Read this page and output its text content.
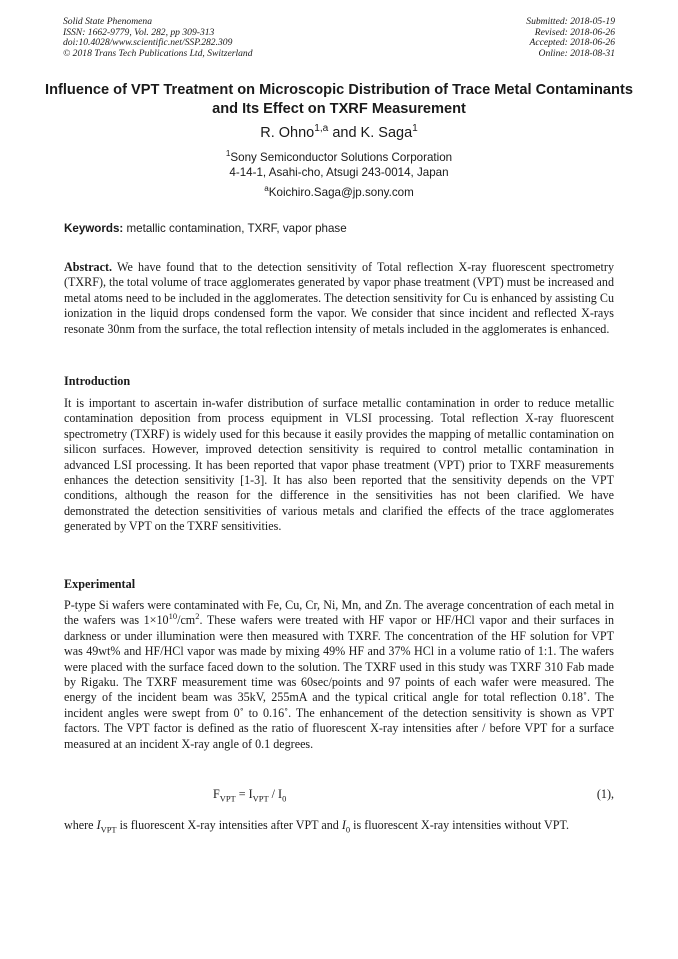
Solid State Phenomena
ISSN: 1662-9779, Vol. 282, pp 309-313
doi:10.4028/www.scientific.net/SSP.282.309
© 2018 Trans Tech Publications Ltd, Switzerland
Submitted: 2018-05-19
Revised: 2018-06-26
Accepted: 2018-06-26
Online: 2018-08-31
Influence of VPT Treatment on Microscopic Distribution of Trace Metal Contaminants and Its Effect on TXRF Measurement
R. Ohno$^{1,a}$ and K. Saga$^1$
$^1$Sony Semiconductor Solutions Corporation
4-14-1, Asahi-cho, Atsugi 243-0014, Japan
$^a$Koichiro.Saga@jp.sony.com
Keywords: metallic contamination, TXRF, vapor phase
Abstract. We have found that to the detection sensitivity of Total reflection X-ray fluorescent spectrometry (TXRF), the total volume of trace agglomerates generated by vapor phase treatment (VPT) must be increased and metal atoms need to be included in the agglomerates. The detection sensitivity for Cu is enhanced by assisting Cu ionization in the liquid drops condensed form the vapor. We consider that since incident and reflected X-rays resonate 30nm from the surface, the total reflection intensity of metals included in the agglomerates is enhanced.
Introduction
It is important to ascertain in-wafer distribution of surface metallic contamination in order to reduce metallic contamination deposition from process equipment in VLSI processing. Total reflection X-ray fluorescent spectrometry (TXRF) is widely used for this because it easily provides the mapping of metallic contamination on silicon surfaces. However, improved detection sensitivity is required to control metallic contamination in advanced LSI processing. It has been reported that vapor phase treatment (VPT) prior to TXRF measurements enhances the detection sensitivity [1-3]. It has also been reported that the sensitivity depends on the VPT conditions, although the reason for the difference in the sensitivities has not been clarified. We have demonstrated the detection sensitivities of various metals and clarified the effects of the trace agglomerates generated by VPT on the TXRF sensitivities.
Experimental
P-type Si wafers were contaminated with Fe, Cu, Cr, Ni, Mn, and Zn. The average concentration of each metal in the wafers was $1\times 10^{10}/cm^2$. These wafers were treated with HF vapor or HF/HCl vapor and their surfaces in darkness or under illumination were then measured with TXRF. The concentration of the HF solution for VPT was 49wt% and HF/HCl vapor was made by mixing 49% HF and 37% HCl in a volume ratio of 1:1. The wafers were placed with the surface faced down to the solution. The TXRF used in this study was TXRF 310 Fab made by Rigaku. The TXRF measurement time was 60sec/points and 97 points of each wafer were measured. The energy of the incident beam was 35kV, 255mA and the typical critical angle for total reflection 0.18˚. The incident angles were swept from 0˚ to 0.16˚. The enhancement of the detection sensitivity is shown as VPT factors. The VPT factor is defined as the ratio of fluorescent X-ray intensities after / before VPT for a surface measured at an incident X-ray angle of 0.1 degrees.
$F_{VPT} = I_{VPT} / I_0$	(1),
where $I_{VPT}$ is fluorescent X-ray intensities after VPT and $I_0$ is fluorescent X-ray intensities without VPT.
